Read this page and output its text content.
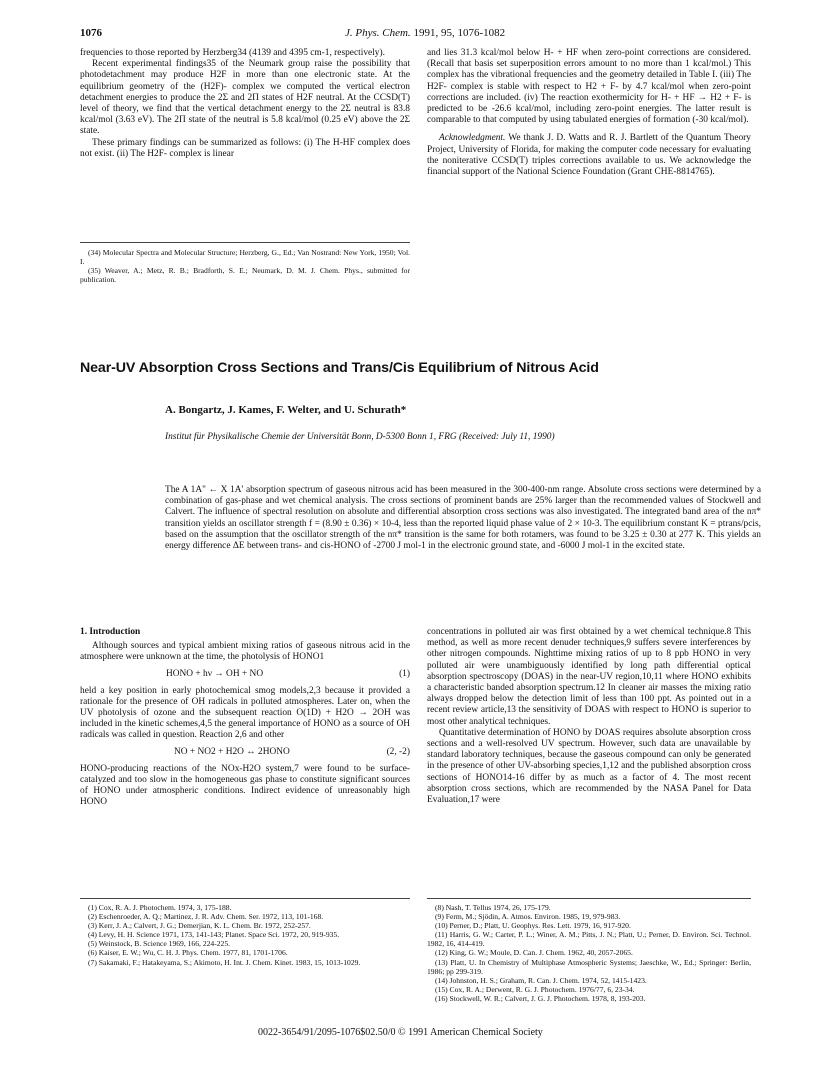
1076	J. Phys. Chem. 1991, 95, 1076-1082

frequencies to those reported by Herzberg34 (4139 and 4395 cm-1, respectively).

Recent experimental findings35 of the Neumark group raise the possibility that photodetachment may produce H2F in more than one electronic state. At the equilibrium geometry of the (H2F)- complex we computed the vertical electron detachment energies to produce the 2Σ and 2Π states of H2F neutral. At the CCSD(T) level of theory, we find that the vertical detachment energy to the 2Σ neutral is 83.8 kcal/mol (3.63 eV). The 2Π state of the neutral is 5.8 kcal/mol (0.25 eV) above the 2Σ state.

These primary findings can be summarized as follows: (i) The H-HF complex does not exist. (ii) The H2F- complex is linear

(34) Molecular Spectra and Molecular Structure; Herzberg, G., Ed.; Van Nostrand: New York, 1950; Vol. I.
(35) Weaver, A.; Metz, R. B.; Bradforth, S. E.; Neumark, D. M. J. Chem. Phys., submitted for publication.

and lies 31.3 kcal/mol below H- + HF when zero-point corrections are considered. (Recall that basis set superposition errors amount to no more than 1 kcal/mol.) This complex has the vibrational frequencies and the geometry detailed in Table I. (iii) The H2F- complex is stable with respect to H2 + F- by 4.7 kcal/mol when zero-point corrections are included. (iv) The reaction exothermicity for H- + HF → H2 + F- is predicted to be -26.6 kcal/mol, including zero-point energies. The latter result is comparable to that computed by using tabulated energies of formation (-30 kcal/mol).

Acknowledgment. We thank J. D. Watts and R. J. Bartlett of the Quantum Theory Project, University of Florida, for making the computer code necessary for evaluating the noniterative CCSD(T) triples corrections available to us. We acknowledge the financial support of the National Science Foundation (Grant CHE-8814765).

Near-UV Absorption Cross Sections and Trans/Cis Equilibrium of Nitrous Acid
A. Bongartz, J. Kames, F. Welter, and U. Schurath*
Institut für Physikalische Chemie der Universität Bonn, D-5300 Bonn 1, FRG (Received: July 11, 1990)

The A 1A" ← X 1A' absorption spectrum of gaseous nitrous acid has been measured in the 300-400-nm range. Absolute cross sections were determined by a combination of gas-phase and wet chemical analysis. The cross sections of prominent bands are 25% larger than the recommended values of Stockwell and Calvert. The influence of spectral resolution on absolute and differential absorption cross sections was also investigated. The integrated band area of the nπ* transition yields an oscillator strength f = (8.90 ± 0.36) × 10-4, less than the reported liquid phase value of 2 × 10-3. The equilibrium constant K = ptrans/pcis, based on the assumption that the oscillator strength of the nπ* transition is the same for both rotamers, was found to be 3.25 ± 0.30 at 277 K. This yields an energy difference ΔE between trans- and cis-HONO of -2700 J mol-1 in the electronic ground state, and -6000 J mol-1 in the excited state.

1. Introduction

Although sources and typical ambient mixing ratios of gaseous nitrous acid in the atmosphere were unknown at the time, the photolysis of HONO1

HONO + hν → OH + NO	(1)

held a key position in early photochemical smog models,2,3 because it provided a rationale for the presence of OH radicals in polluted atmospheres. Later on, when the UV photolysis of ozone and the subsequent reaction O(1D) + H2O → 2OH was included in the kinetic schemes,4,5 the general importance of HONO as a source of OH radicals was called in question. Reaction 2,6 and other

NO + NO2 + H2O ↔ 2HONO	(2, -2)

HONO-producing reactions of the NOx-H2O system,7 were found to be surface-catalyzed and too slow in the homogeneous gas phase to constitute significant sources of HONO under atmospheric conditions. Indirect evidence of unreasonably high HONO

concentrations in polluted air was first obtained by a wet chemical technique.8 This method, as well as more recent denuder techniques,9 suffers severe interferences by other nitrogen compounds. Nighttime mixing ratios of up to 8 ppb HONO in very polluted air were unambiguously identified by long path differential optical absorption spectroscopy (DOAS) in the near-UV region,10,11 where HONO exhibits a characteristic banded absorption spectrum.12 In cleaner air masses the mixing ratio always dropped below the detection limit of less than 100 ppt. As pointed out in a recent review article,13 the sensitivity of DOAS with respect to HONO is superior to most other analytical techniques.

Quantitative determination of HONO by DOAS requires absolute absorption cross sections and a well-resolved UV spectrum. However, such data are unavailable by standard laboratory techniques, because the gaseous compound can only be generated in the presence of other UV-absorbing species,1,12 and the published absorption cross sections of HONO14-16 differ by as much as a factor of 4. The most recent absorption cross sections, which are recommended by the NASA Panel for Data Evaluation,17 were

(1) Cox, R. A. J. Photochem. 1974, 3, 175-188.
(2) Eschenroeder, A. Q.; Martinez, J. R. Adv. Chem. Ser. 1972, 113, 101-168.
(3) Kerr, J. A.; Calvert, J. G.; Demerjian, K. L. Chem. Br. 1972, 252-257.
(4) Levy, H. H. Science 1971, 173, 141-143; Planet. Space Sci. 1972, 20, 919-935.
(5) Weinstock, B. Science 1969, 166, 224-225.
(6) Kaiser, E. W.; Wu, C. H. J. Phys. Chem. 1977, 81, 1701-1706.
(7) Sakamaki, F.; Hatakeyama, S.; Akimoto, H. Int. J. Chem. Kinet. 1983, 15, 1013-1029.
(8) Nash, T. Tellus 1974, 26, 175-179.
(9) Ferm, M.; Sjödin, A. Atmos. Environ. 1985, 19, 979-983.
(10) Perner, D.; Platt, U. Geophys. Res. Lett. 1979, 16, 917-920.
(11) Harris, G. W.; Carter, P. L.; Winer, A. M.; Pitts, J. N.; Platt, U.; Perner, D. Environ. Sci. Technol. 1982, 16, 414-419.
(12) King, G. W.; Moule, D. Can. J. Chem. 1962, 40, 2057-2065.
(13) Platt, U. In Chemistry of Multiphase Atmospheric Systems; Jaeschke, W., Ed.; Springer: Berlin, 1986; pp 299-319.
(14) Johnston, H. S.; Graham, R. Can. J. Chem. 1974, 52, 1415-1423.
(15) Cox, R. A.; Derwent, R. G. J. Photochem. 1976/77, 6, 23-34.
(16) Stockwell, W. R.; Calvert, J. G. J. Photochem. 1978, 8, 193-203.
0022-3654/91/2095-1076$02.50/0 © 1991 American Chemical Society
